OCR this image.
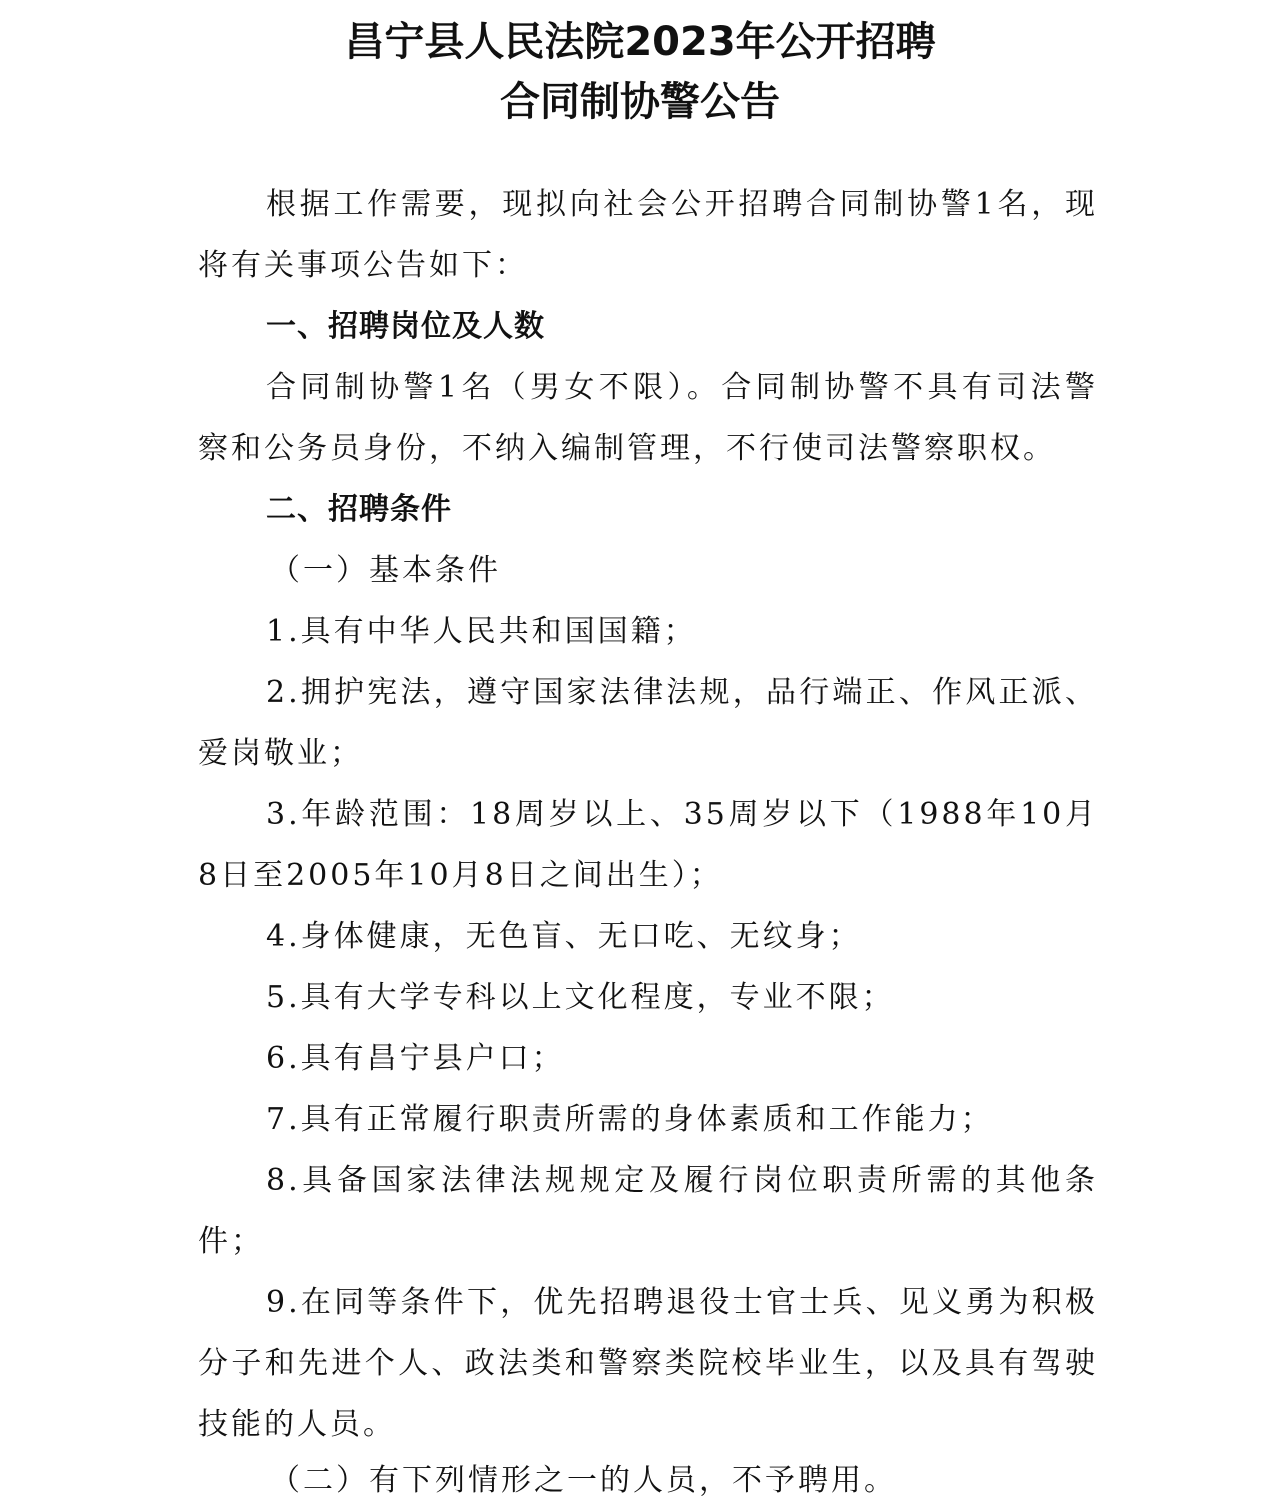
昌宁县人民法院2023年公开招聘
合同制协警公告

根据工作需要，现拟向社会公开招聘合同制协警1名，现将有关事项公告如下：

一、招聘岗位及人数

合同制协警1名（男女不限）。合同制协警不具有司法警察和公务员身份，不纳入编制管理，不行使司法警察职权。

二、招聘条件

（一）基本条件

1.具有中华人民共和国国籍；

2.拥护宪法，遵守国家法律法规，品行端正、作风正派、爱岗敬业；

3.年龄范围：18周岁以上、35周岁以下（1988年10月8日至2005年10月8日之间出生）；

4.身体健康，无色盲、无口吃、无纹身；

5.具有大学专科以上文化程度，专业不限；

6.具有昌宁县户口；

7.具有正常履行职责所需的身体素质和工作能力；

8.具备国家法律法规规定及履行岗位职责所需的其他条件；

9.在同等条件下，优先招聘退役士官士兵、见义勇为积极分子和先进个人、政法类和警察类院校毕业生，以及具有驾驶技能的人员。

（二）有下列情形之一的人员，不予聘用。
